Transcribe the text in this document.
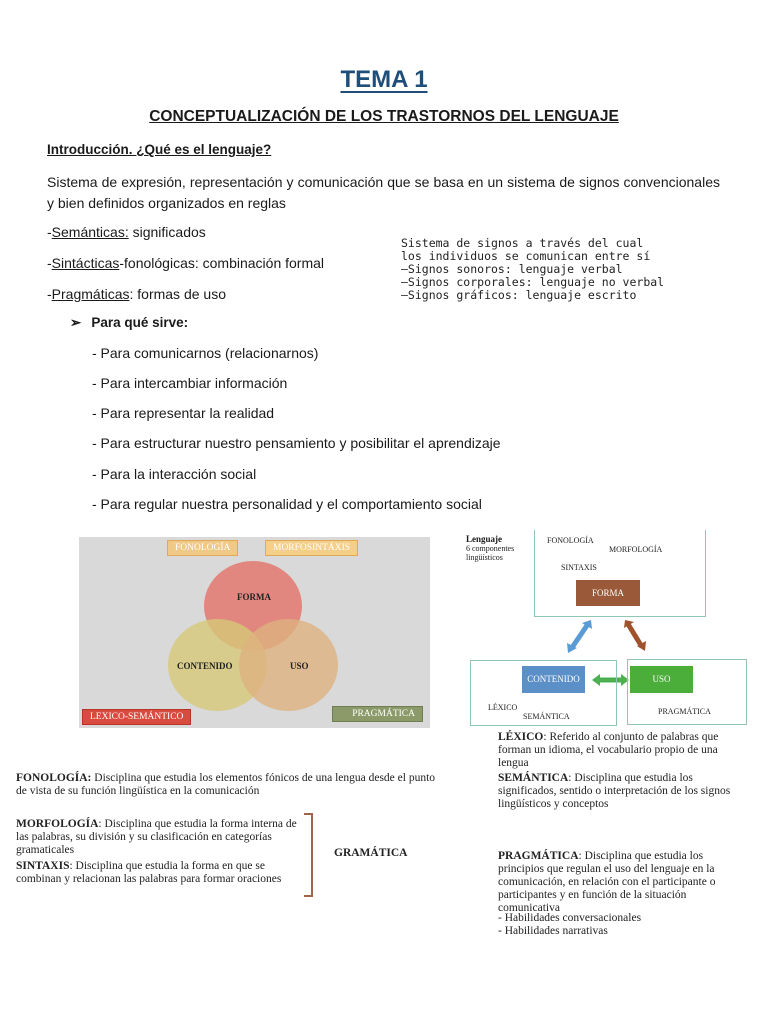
TEMA 1
CONCEPTUALIZACIÓN DE LOS TRASTORNOS DEL LENGUAJE
Introducción. ¿Qué es el lenguaje?
Sistema de expresión, representación y comunicación que se basa en un sistema de signos convencionales y bien definidos organizados en reglas
-Semánticas: significados
-Sintácticas-fonológicas: combinación formal
-Pragmáticas: formas de uso
Sistema de signos a través del cual
los individuos se comunican entre sí
–Signos sonoros: lenguaje verbal
–Signos corporales: lenguaje no verbal
–Signos gráficos: lenguaje escrito
➢ Para qué sirve:
- Para comunicarnos (relacionarnos)
- Para intercambiar información
- Para representar la realidad
- Para estructurar nuestro pensamiento y posibilitar el aprendizaje
- Para la interacción social
- Para regular nuestra personalidad y el comportamiento social
FONOLOGÍA	MORFOSINTÁXIS
FORMA
CONTENIDO	USO
LEXICO-SEMÁNTICO	PRAGMÁTICA
Lenguaje
6 componentes
lingüísticos
FONOLOGÍA
MORFOLOGÍA
SINTAXIS
FORMA
CONTENIDO
LÉXICO
SEMÁNTICA
USO
PRAGMÁTICA
LÉXICO: Referido al conjunto de palabras que forman un idioma, el vocabulario propio de una lengua
SEMÁNTICA: Disciplina que estudia los significados, sentido o interpretación de los signos lingüísticos y conceptos
FONOLOGÍA: Disciplina que estudia los elementos fónicos de una lengua desde el punto de vista de su función lingüística en la comunicación
MORFOLOGÍA: Disciplina que estudia la forma interna de las palabras, su división y su clasificación en categorías gramaticales
SINTAXIS: Disciplina que estudia la forma en que se combinan y relacionan las palabras para formar oraciones
GRAMÁTICA	PRAGMÁTICA: Disciplina que estudia los principios que regulan el uso del lenguaje en la comunicación, en relación con el participante o participantes y en función de la situación comunicativa
- Habilidades conversacionales
- Habilidades narrativas
